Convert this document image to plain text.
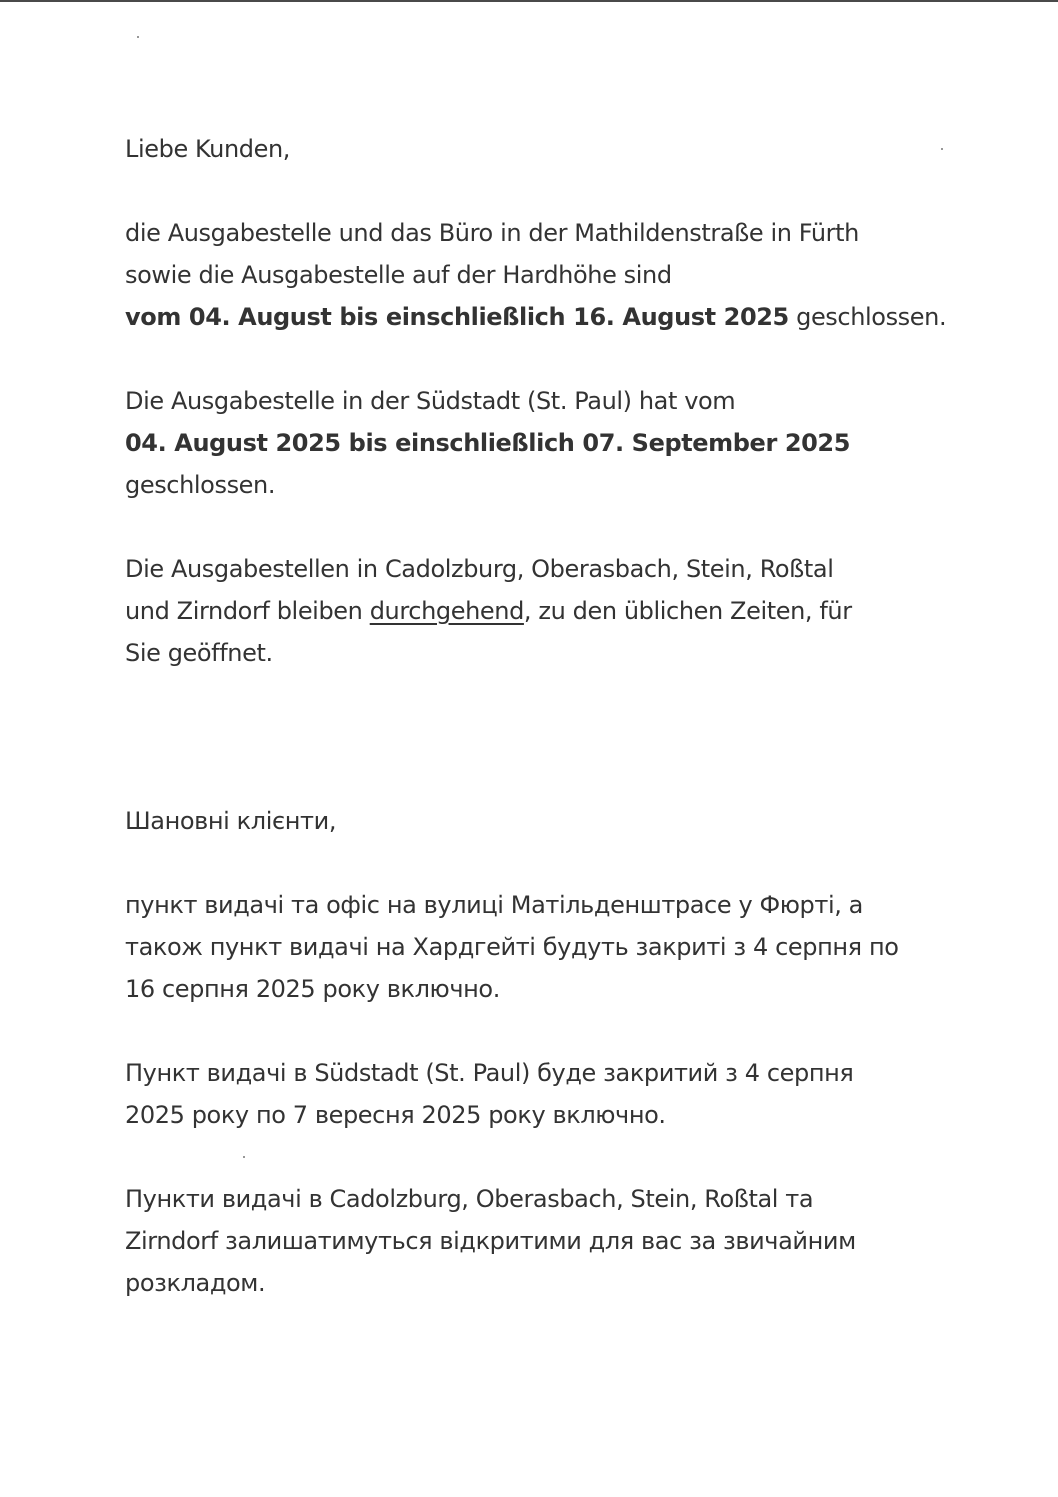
Liebe Kunden,

die Ausgabestelle und das Büro in der Mathildenstraße in Fürth
sowie die Ausgabestelle auf der Hardhöhe sind
vom 04. August bis einschließlich 16. August 2025 geschlossen.

Die Ausgabestelle in der Südstadt (St. Paul) hat vom
04. August 2025 bis einschließlich 07. September 2025
geschlossen.

Die Ausgabestellen in Cadolzburg, Oberasbach, Stein, Roßtal
und Zirndorf bleiben durchgehend, zu den üblichen Zeiten, für
Sie geöffnet.

Шановні клієнти,

пункт видачі та офіс на вулиці Матільденштрасе у Фюрті, а
також пункт видачі на Хардгейті будуть закриті з 4 серпня по
16 серпня 2025 року включно.

Пункт видачі в Südstadt (St. Paul) буде закритий з 4 серпня
2025 року по 7 вересня 2025 року включно.

Пункти видачі в Cadolzburg, Oberasbach, Stein, Roßtal та
Zirndorf залишатимуться відкритими для вас за звичайним
розкладом.
